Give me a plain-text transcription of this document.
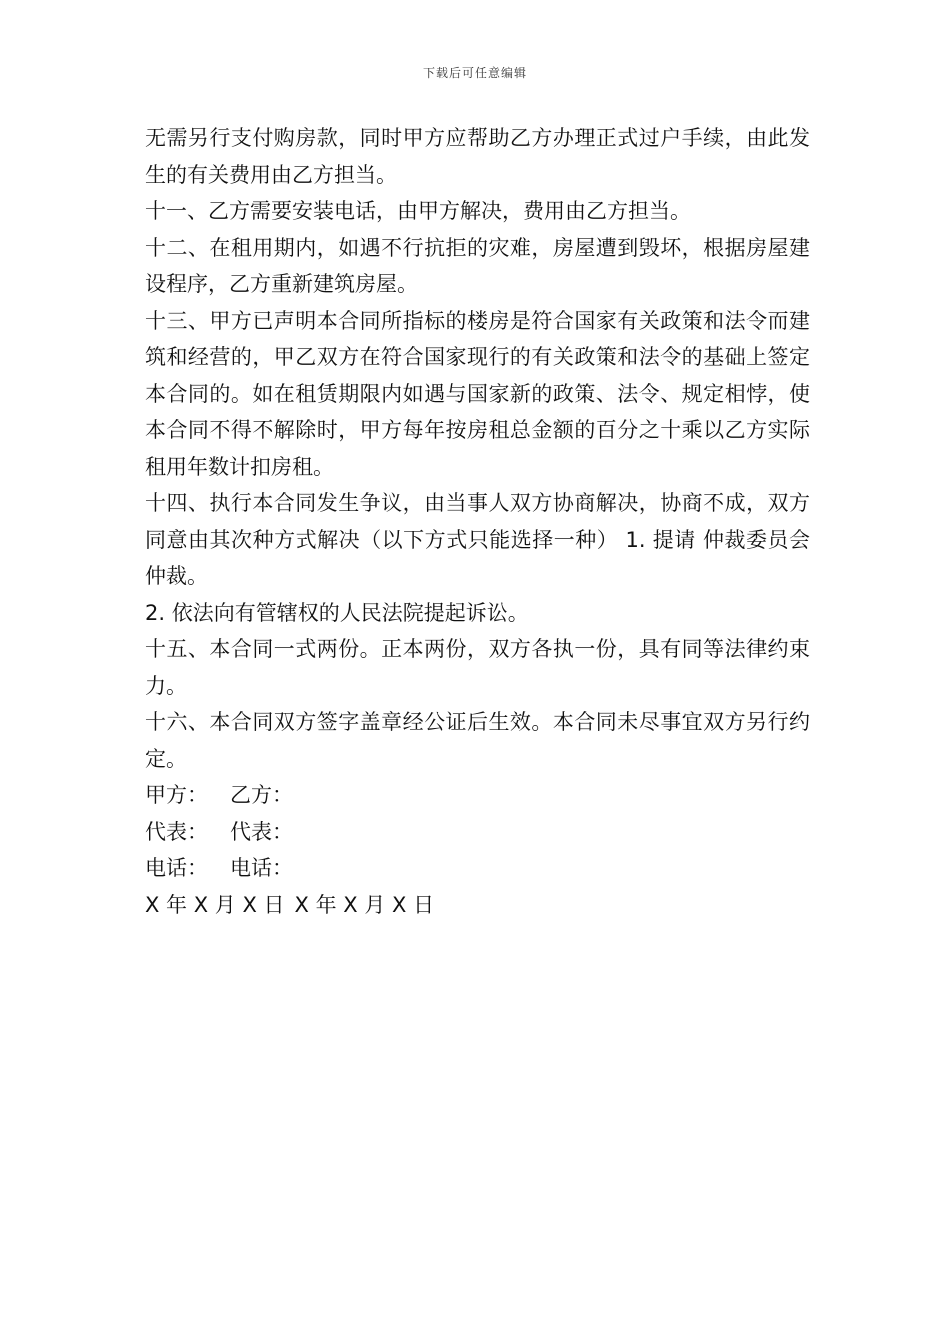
下载后可任意编辑

无需另行支付购房款，同时甲方应帮助乙方办理正式过户手续，由此发生的有关费用由乙方担当。

十一、乙方需要安装电话，由甲方解决，费用由乙方担当。

十二、在租用期内，如遇不行抗拒的灾难，房屋遭到毁坏，根据房屋建设程序，乙方重新建筑房屋。

十三、甲方已声明本合同所指标的楼房是符合国家有关政策和法令而建筑和经营的，甲乙双方在符合国家现行的有关政策和法令的基础上签定本合同的。如在租赁期限内如遇与国家新的政策、法令、规定相悖，使本合同不得不解除时，甲方每年按房租总金额的百分之十乘以乙方实际租用年数计扣房租。

十四、执行本合同发生争议，由当事人双方协商解决，协商不成，双方同意由其次种方式解决（以下方式只能选择一种） 1. 提请 仲裁委员会仲裁。

2. 依法向有管辖权的人民法院提起诉讼。

十五、本合同一式两份。正本两份，双方各执一份，具有同等法律约束力。

十六、本合同双方签字盖章经公证后生效。本合同未尽事宜双方另行约定。

甲方： 乙方：
代表： 代表：
电话： 电话：
X 年 X 月 X 日 X 年 X 月 X 日
